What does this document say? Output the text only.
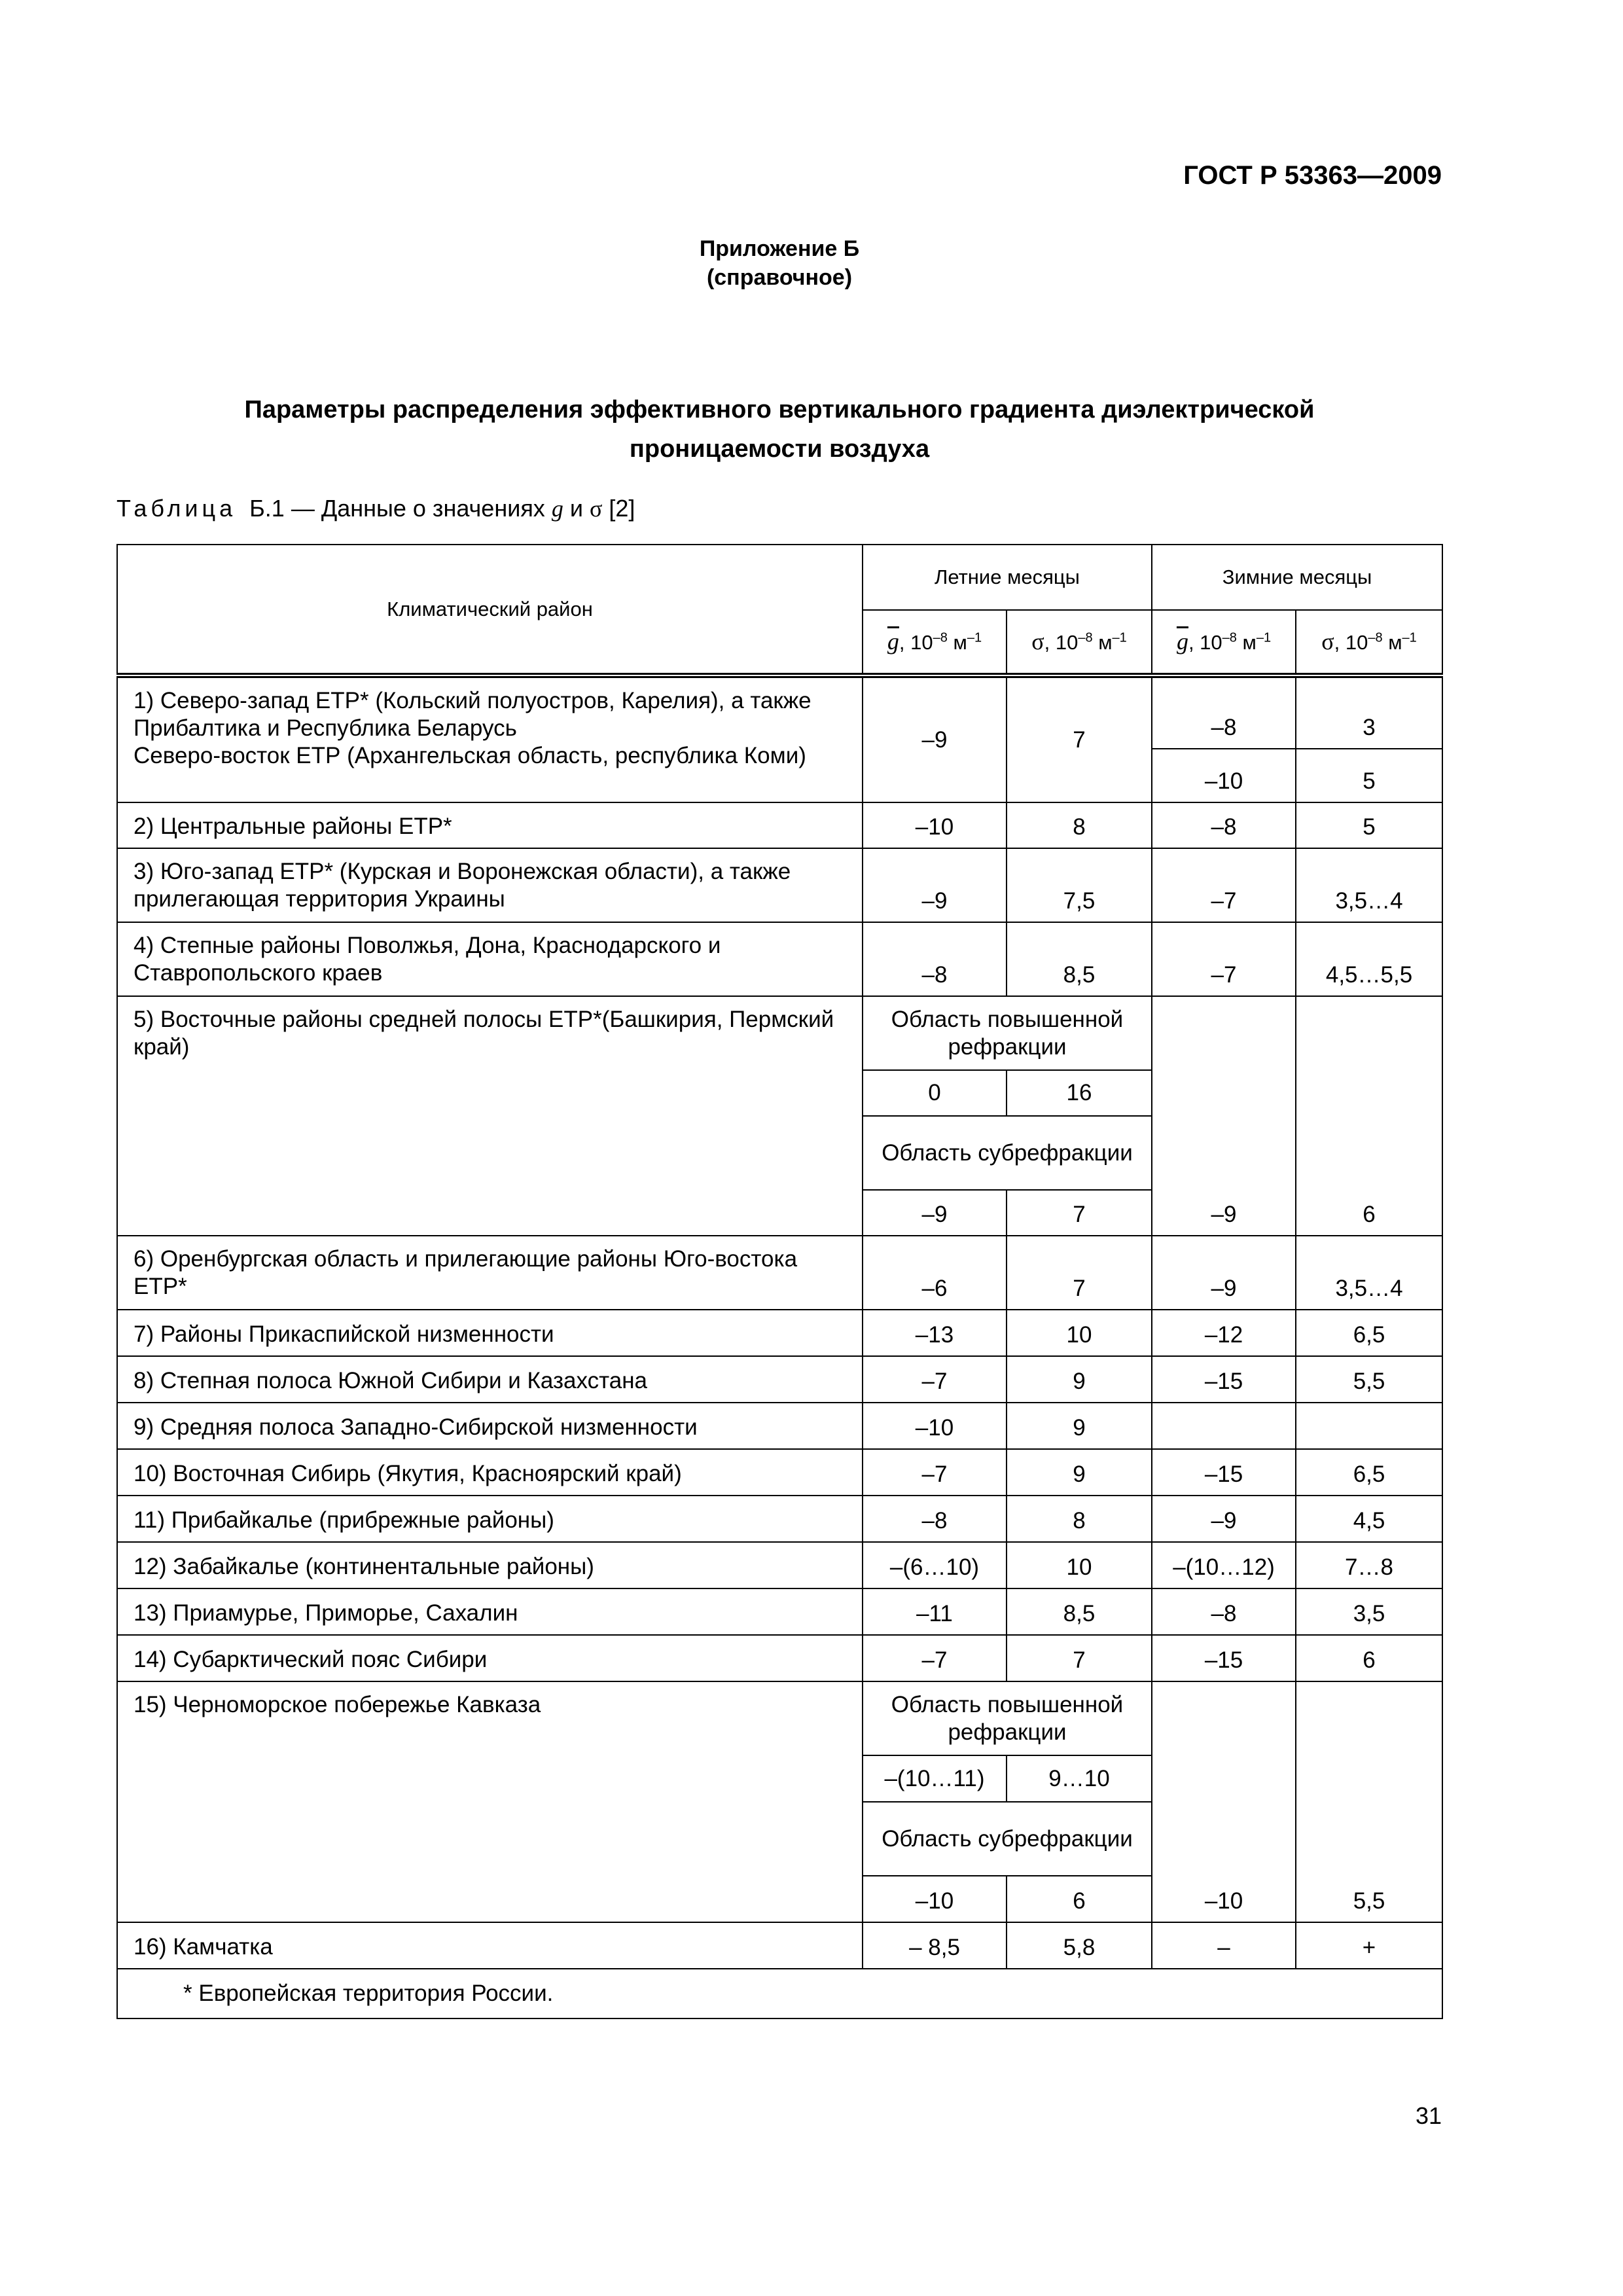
ГОСТ Р 53363—2009
Приложение Б
(справочное)
Параметры распределения эффективного вертикального градиента диэлектрической
проницаемости воздуха
Таблица Б.1 — Данные о значениях g и σ [2]
Климатический район	Летние месяцы		Зимние месяцы	
	$\overline{g}$, $10^{-8}$ $м^{-1}$	σ, $10^{-8}$ $м^{-1}$	$\overline{g}$, $10^{-8}$ $м^{-1}$	σ, $10^{-8}$ $м^{-1}$

1) Северо-запад ЕТР* (Кольский полуостров, Карелия), а также Прибалтика и Республика Беларусь
Северо-восток ЕТР (Архангельская область, республика Коми)	–9	7	–8	3
			–10	5
2) Центральные районы ЕТР*	–10	8	–8	5
3) Юго-запад ЕТР* (Курская и Воронежская области), а также прилегающая территория Украины	–9	7,5	–7	3,5…4
4) Степные районы Поволжья, Дона, Краснодарского и Ставропольского краев	–8	8,5	–7	4,5…5,5
5) Восточные районы средней полосы ЕТР*(Башкирия, Пермский край)	Область повышенной рефракции		–9	6
	0	16		
	Область субрефракции			
	–9	7		
6) Оренбургская область и прилегающие районы Юго-востока ЕТР*	–6	7	–9	3,5…4
7) Районы Прикаспийской низменности	–13	10	–12	6,5
8) Степная полоса Южной Сибири и Казахстана	–7	9	–15	5,5
9) Средняя полоса Западно-Сибирской низменности	–10	9		
10) Восточная Сибирь (Якутия, Красноярский край)	–7	9	–15	6,5
11) Прибайкалье (прибрежные районы)	–8	8	–9	4,5
12) Забайкалье (континентальные районы)	–(6…10)	10	–(10…12)	7…8
13) Приамурье, Приморье, Сахалин	–11	8,5	–8	3,5
14) Субарктический пояс Сибири	–7	7	–15	6
15) Черноморское побережье Кавказа	Область повышенной рефракции		–10	5,5
	–(10…11)	9…10		
	Область субрефракции			
	–10	6		
16) Камчатка	– 8,5	5,8	–	+
* Европейская территория России.				
31
